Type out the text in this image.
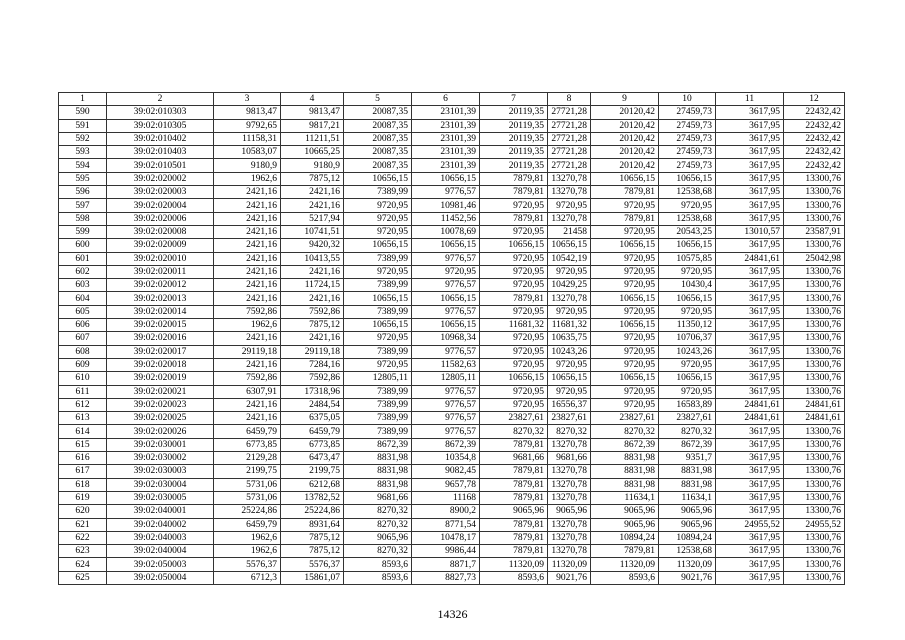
1	2	3	4	5	6	7	8	9	10	11	12
590	39:02:010303	9813,47	9813,47	20087,35	23101,39	20119,35	27721,28	20120,42	27459,73	3617,95	22432,42
591	39:02:010305	9792,65	9817,21	20087,35	23101,39	20119,35	27721,28	20120,42	27459,73	3617,95	22432,42
592	39:02:010402	11158,31	11211,51	20087,35	23101,39	20119,35	27721,28	20120,42	27459,73	3617,95	22432,42
593	39:02:010403	10583,07	10665,25	20087,35	23101,39	20119,35	27721,28	20120,42	27459,73	3617,95	22432,42
594	39:02:010501	9180,9	9180,9	20087,35	23101,39	20119,35	27721,28	20120,42	27459,73	3617,95	22432,42
595	39:02:020002	1962,6	7875,12	10656,15	10656,15	7879,81	13270,78	10656,15	10656,15	3617,95	13300,76
596	39:02:020003	2421,16	2421,16	7389,99	9776,57	7879,81	13270,78	7879,81	12538,68	3617,95	13300,76
597	39:02:020004	2421,16	2421,16	9720,95	10981,46	9720,95	9720,95	9720,95	9720,95	3617,95	13300,76
598	39:02:020006	2421,16	5217,94	9720,95	11452,56	7879,81	13270,78	7879,81	12538,68	3617,95	13300,76
599	39:02:020008	2421,16	10741,51	9720,95	10078,69	9720,95	21458	9720,95	20543,25	13010,57	23587,91
600	39:02:020009	2421,16	9420,32	10656,15	10656,15	10656,15	10656,15	10656,15	10656,15	3617,95	13300,76
601	39:02:020010	2421,16	10413,55	7389,99	9776,57	9720,95	10542,19	9720,95	10575,85	24841,61	25042,98
602	39:02:020011	2421,16	2421,16	9720,95	9720,95	9720,95	9720,95	9720,95	9720,95	3617,95	13300,76
603	39:02:020012	2421,16	11724,15	7389,99	9776,57	9720,95	10429,25	9720,95	10430,4	3617,95	13300,76
604	39:02:020013	2421,16	2421,16	10656,15	10656,15	7879,81	13270,78	10656,15	10656,15	3617,95	13300,76
605	39:02:020014	7592,86	7592,86	7389,99	9776,57	9720,95	9720,95	9720,95	9720,95	3617,95	13300,76
606	39:02:020015	1962,6	7875,12	10656,15	10656,15	11681,32	11681,32	10656,15	11350,12	3617,95	13300,76
607	39:02:020016	2421,16	2421,16	9720,95	10968,34	9720,95	10635,75	9720,95	10706,37	3617,95	13300,76
608	39:02:020017	29119,18	29119,18	7389,99	9776,57	9720,95	10243,26	9720,95	10243,26	3617,95	13300,76
609	39:02:020018	2421,16	7284,16	9720,95	11582,63	9720,95	9720,95	9720,95	9720,95	3617,95	13300,76
610	39:02:020019	7592,86	7592,86	12805,11	12805,11	10656,15	10656,15	10656,15	10656,15	3617,95	13300,76
611	39:02:020021	6307,91	17318,96	7389,99	9776,57	9720,95	9720,95	9720,95	9720,95	3617,95	13300,76
612	39:02:020023	2421,16	2484,54	7389,99	9776,57	9720,95	16556,37	9720,95	16583,89	24841,61	24841,61
613	39:02:020025	2421,16	6375,05	7389,99	9776,57	23827,61	23827,61	23827,61	23827,61	24841,61	24841,61
614	39:02:020026	6459,79	6459,79	7389,99	9776,57	8270,32	8270,32	8270,32	8270,32	3617,95	13300,76
615	39:02:030001	6773,85	6773,85	8672,39	8672,39	7879,81	13270,78	8672,39	8672,39	3617,95	13300,76
616	39:02:030002	2129,28	6473,47	8831,98	10354,8	9681,66	9681,66	8831,98	9351,7	3617,95	13300,76
617	39:02:030003	2199,75	2199,75	8831,98	9082,45	7879,81	13270,78	8831,98	8831,98	3617,95	13300,76
618	39:02:030004	5731,06	6212,68	8831,98	9657,78	7879,81	13270,78	8831,98	8831,98	3617,95	13300,76
619	39:02:030005	5731,06	13782,52	9681,66	11168	7879,81	13270,78	11634,1	11634,1	3617,95	13300,76
620	39:02:040001	25224,86	25224,86	8270,32	8900,2	9065,96	9065,96	9065,96	9065,96	3617,95	13300,76
621	39:02:040002	6459,79	8931,64	8270,32	8771,54	7879,81	13270,78	9065,96	9065,96	24955,52	24955,52
622	39:02:040003	1962,6	7875,12	9065,96	10478,17	7879,81	13270,78	10894,24	10894,24	3617,95	13300,76
623	39:02:040004	1962,6	7875,12	8270,32	9986,44	7879,81	13270,78	7879,81	12538,68	3617,95	13300,76
624	39:02:050003	5576,37	5576,37	8593,6	8871,7	11320,09	11320,09	11320,09	11320,09	3617,95	13300,76
625	39:02:050004	6712,3	15861,07	8593,6	8827,73	8593,6	9021,76	8593,6	9021,76	3617,95	13300,76
14326
